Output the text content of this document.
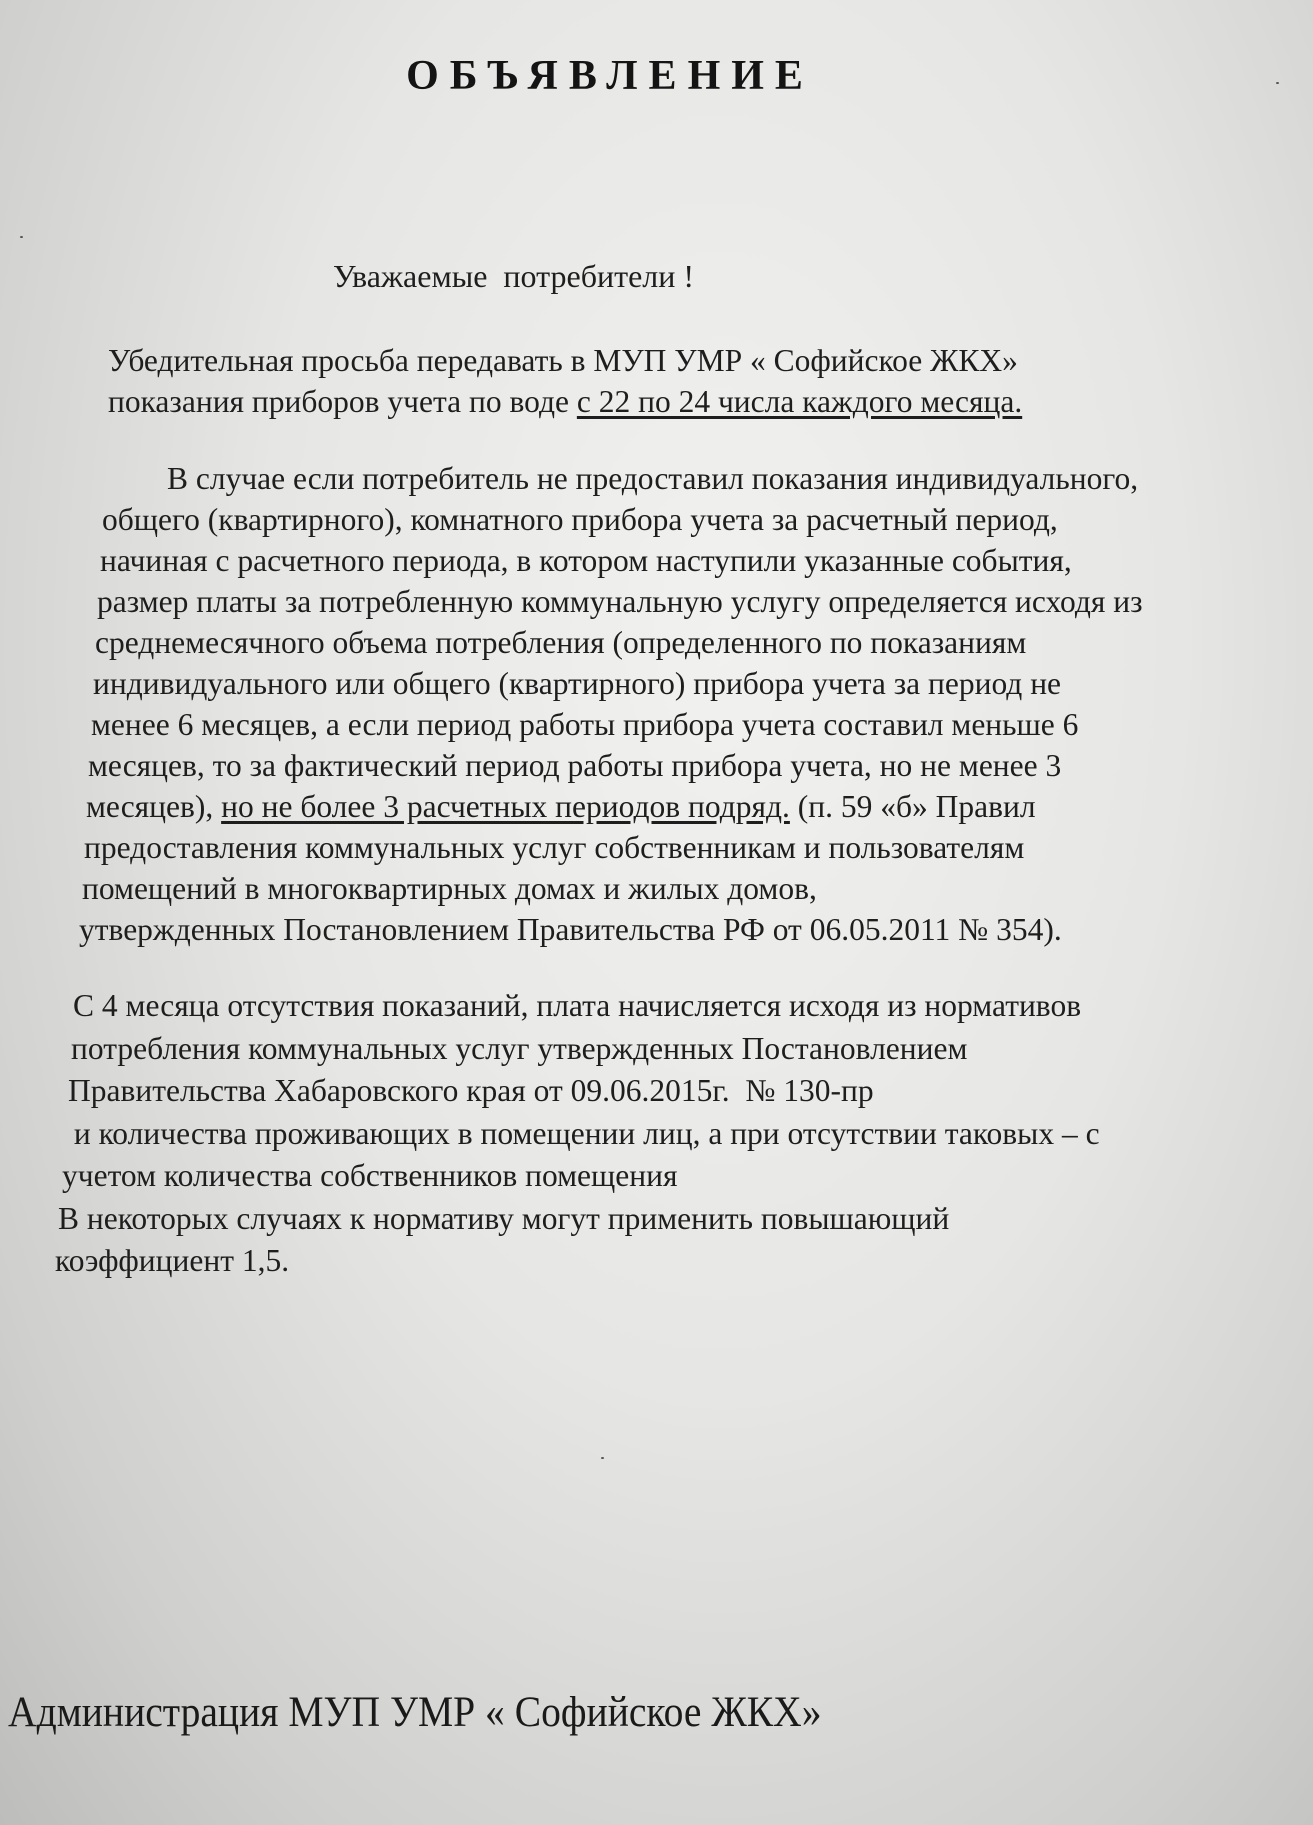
ОБЪЯВЛЕНИЕ
Уважаемые  потребители !
Убедительная просьба передавать в МУП УМР « Софийское ЖКХ»
показания приборов учета по воде с 22 по 24 числа каждого месяца.
В случае если потребитель не предоставил показания индивидуального,
общего (квартирного), комнатного прибора учета за расчетный период,
начиная с расчетного периода, в котором наступили указанные события,
размер платы за потребленную коммунальную услугу определяется исходя из
среднемесячного объема потребления (определенного по показаниям
индивидуального или общего (квартирного) прибора учета за период не
менее 6 месяцев, а если период работы прибора учета составил меньше 6
месяцев, то за фактический период работы прибора учета, но не менее 3
месяцев), но не более 3 расчетных периодов подряд. (п. 59 «б» Правил
предоставления коммунальных услуг собственникам и пользователям
помещений в многоквартирных домах и жилых домов,
утвержденных Постановлением Правительства РФ от 06.05.2011 № 354).
С 4 месяца отсутствия показаний, плата начисляется исходя из нормативов
потребления коммунальных услуг утвержденных Постановлением
Правительства Хабаровского края от 09.06.2015г.  № 130-пр
и количества проживающих в помещении лиц, а при отсутствии таковых – с
учетом количества собственников помещения
В некоторых случаях к нормативу могут применить повышающий
коэффициент 1,5.
Администрация МУП УМР « Софийское ЖКХ»
